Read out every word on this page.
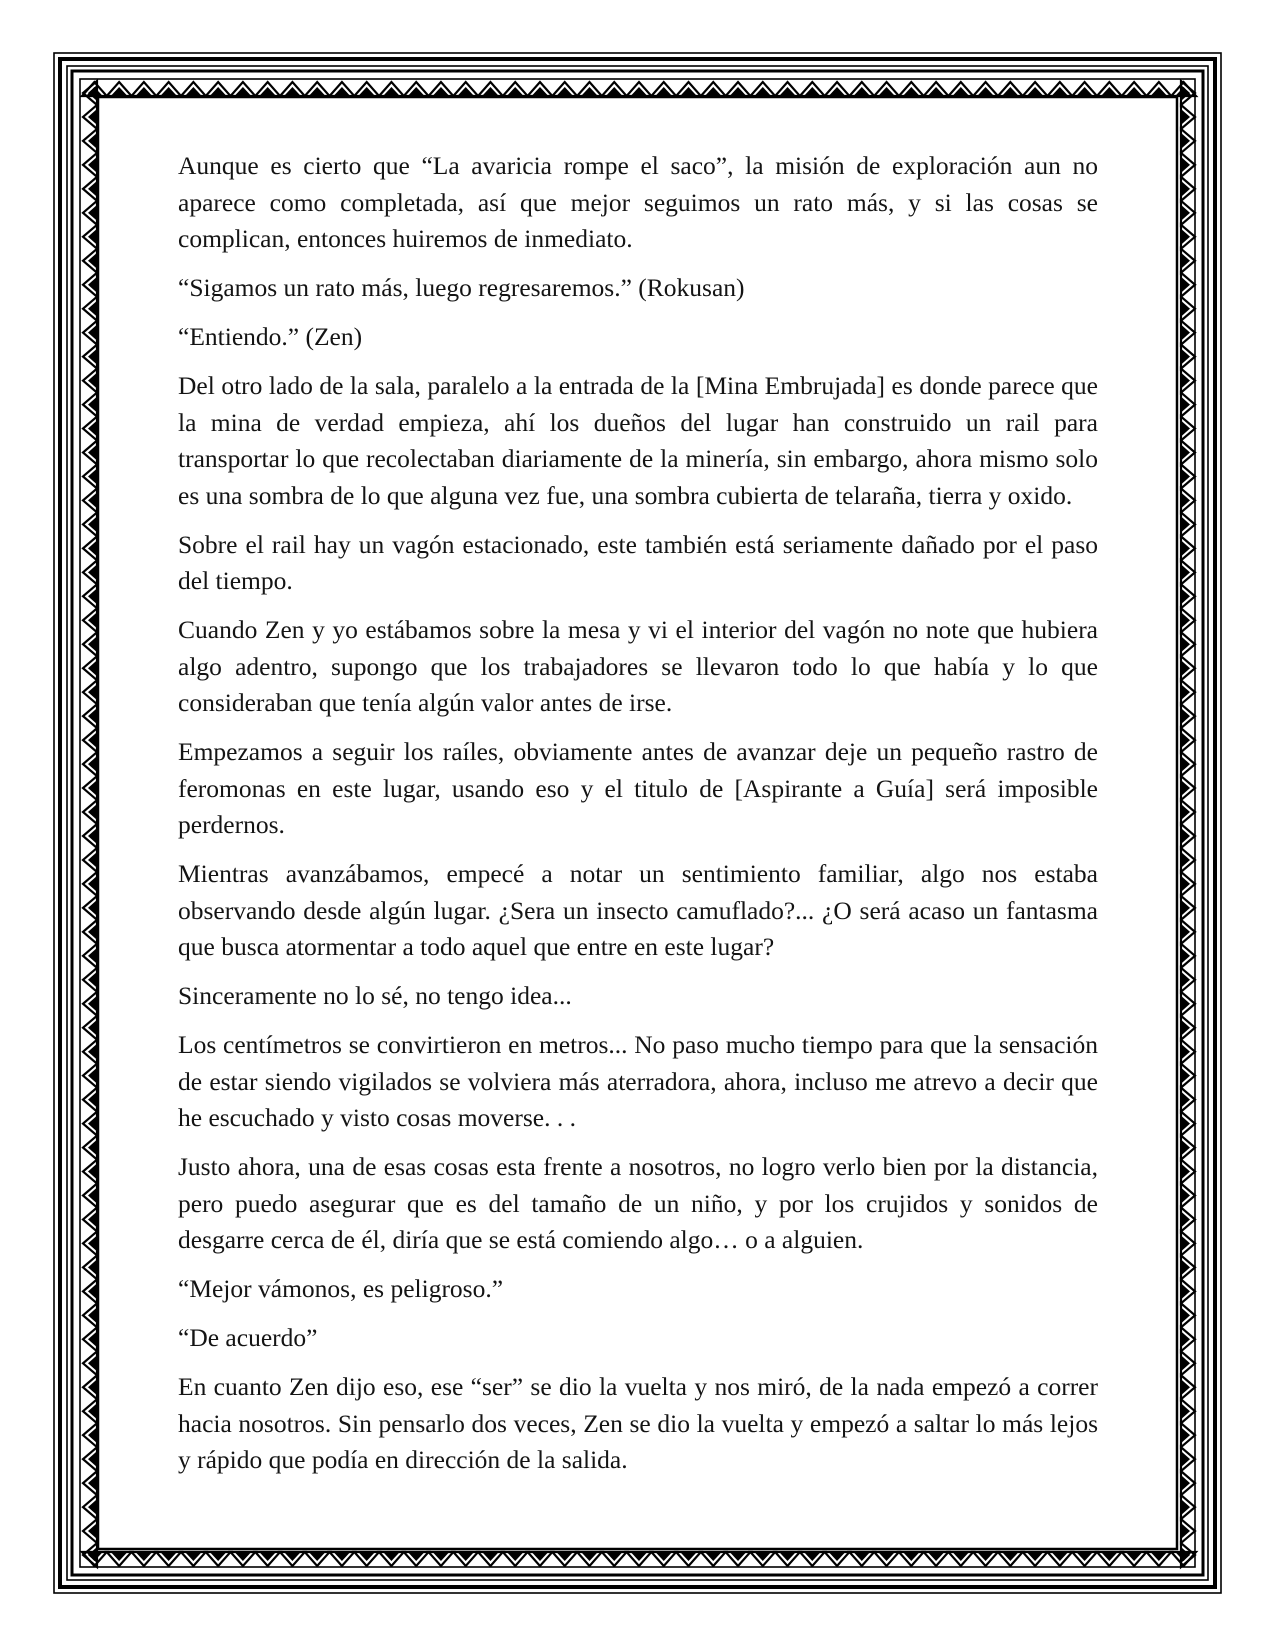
Aunque es cierto que “La avaricia rompe el saco”, la misión de exploración aun no aparece como completada, así que mejor seguimos un rato más, y si las cosas se complican, entonces huiremos de inmediato.

“Sigamos un rato más, luego regresaremos.” (Rokusan)

“Entiendo.” (Zen)

Del otro lado de la sala, paralelo a la entrada de la [Mina Embrujada] es donde parece que la mina de verdad empieza, ahí los dueños del lugar han construido un rail para transportar lo que recolectaban diariamente de la minería, sin embargo, ahora mismo solo es una sombra de lo que alguna vez fue, una sombra cubierta de telaraña, tierra y oxido.

Sobre el rail hay un vagón estacionado, este también está seriamente dañado por el paso del tiempo.

Cuando Zen y yo estábamos sobre la mesa y vi el interior del vagón no note que hubiera algo adentro, supongo que los trabajadores se llevaron todo lo que había y lo que consideraban que tenía algún valor antes de irse.

Empezamos a seguir los raíles, obviamente antes de avanzar deje un pequeño rastro de feromonas en este lugar, usando eso y el titulo de [Aspirante a Guía] será imposible perdernos.

Mientras avanzábamos, empecé a notar un sentimiento familiar, algo nos estaba observando desde algún lugar. ¿Sera un insecto camuflado?... ¿O será acaso un fantasma que busca atormentar a todo aquel que entre en este lugar?

Sinceramente no lo sé, no tengo idea...

Los centímetros se convirtieron en metros... No paso mucho tiempo para que la sensación de estar siendo vigilados se volviera más aterradora, ahora, incluso me atrevo a decir que he escuchado y visto cosas moverse. . .

Justo ahora, una de esas cosas esta frente a nosotros, no logro verlo bien por la distancia, pero puedo asegurar que es del tamaño de un niño, y por los crujidos y sonidos de desgarre cerca de él, diría que se está comiendo algo… o a alguien.

“Mejor vámonos, es peligroso.”

“De acuerdo”

En cuanto Zen dijo eso, ese “ser” se dio la vuelta y nos miró, de la nada empezó a correr hacia nosotros. Sin pensarlo dos veces, Zen se dio la vuelta y empezó a saltar lo más lejos y rápido que podía en dirección de la salida.
